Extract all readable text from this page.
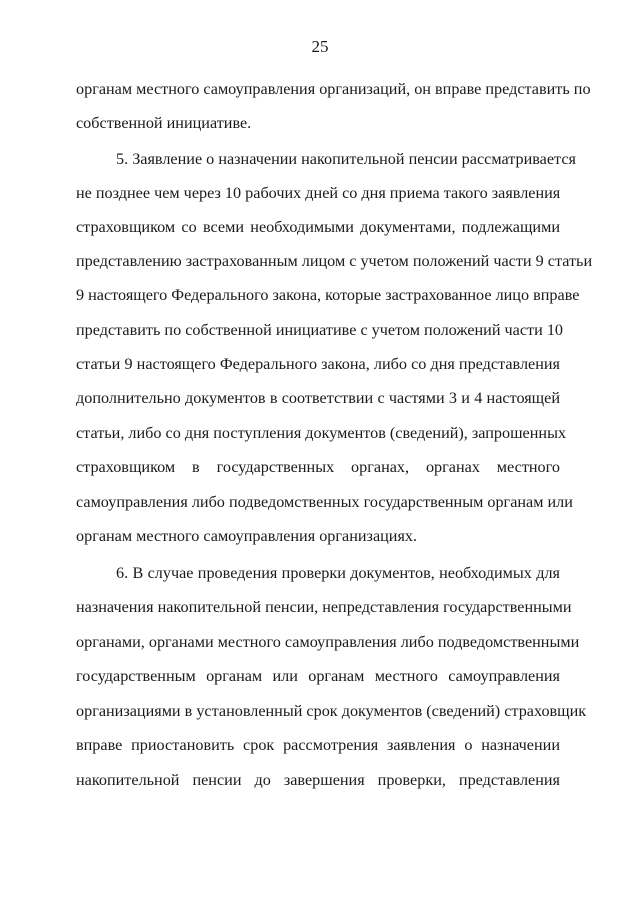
25
органам местного самоуправления организаций, он вправе представить по
собственной инициативе.
5. Заявление о назначении накопительной пенсии рассматривается
не позднее чем через 10 рабочих дней со дня приема такого заявления
страховщиком со всеми необходимыми документами, подлежащими
представлению застрахованным лицом с учетом положений части 9 статьи
9 настоящего Федерального закона, которые застрахованное лицо вправе
представить по собственной инициативе с учетом положений части 10
статьи 9 настоящего Федерального закона, либо со дня представления
дополнительно документов в соответствии с частями 3 и 4 настоящей
статьи, либо со дня поступления документов (сведений), запрошенных
страховщиком в государственных органах, органах местного
самоуправления либо подведомственных государственным органам или
органам местного самоуправления организациях.
6. В случае проведения проверки документов, необходимых для
назначения накопительной пенсии, непредставления государственными
органами, органами местного самоуправления либо подведомственными
государственным органам или органам местного самоуправления
организациями в установленный срок документов (сведений) страховщик
вправе приостановить срок рассмотрения заявления о назначении
накопительной пенсии до завершения проверки, представления
